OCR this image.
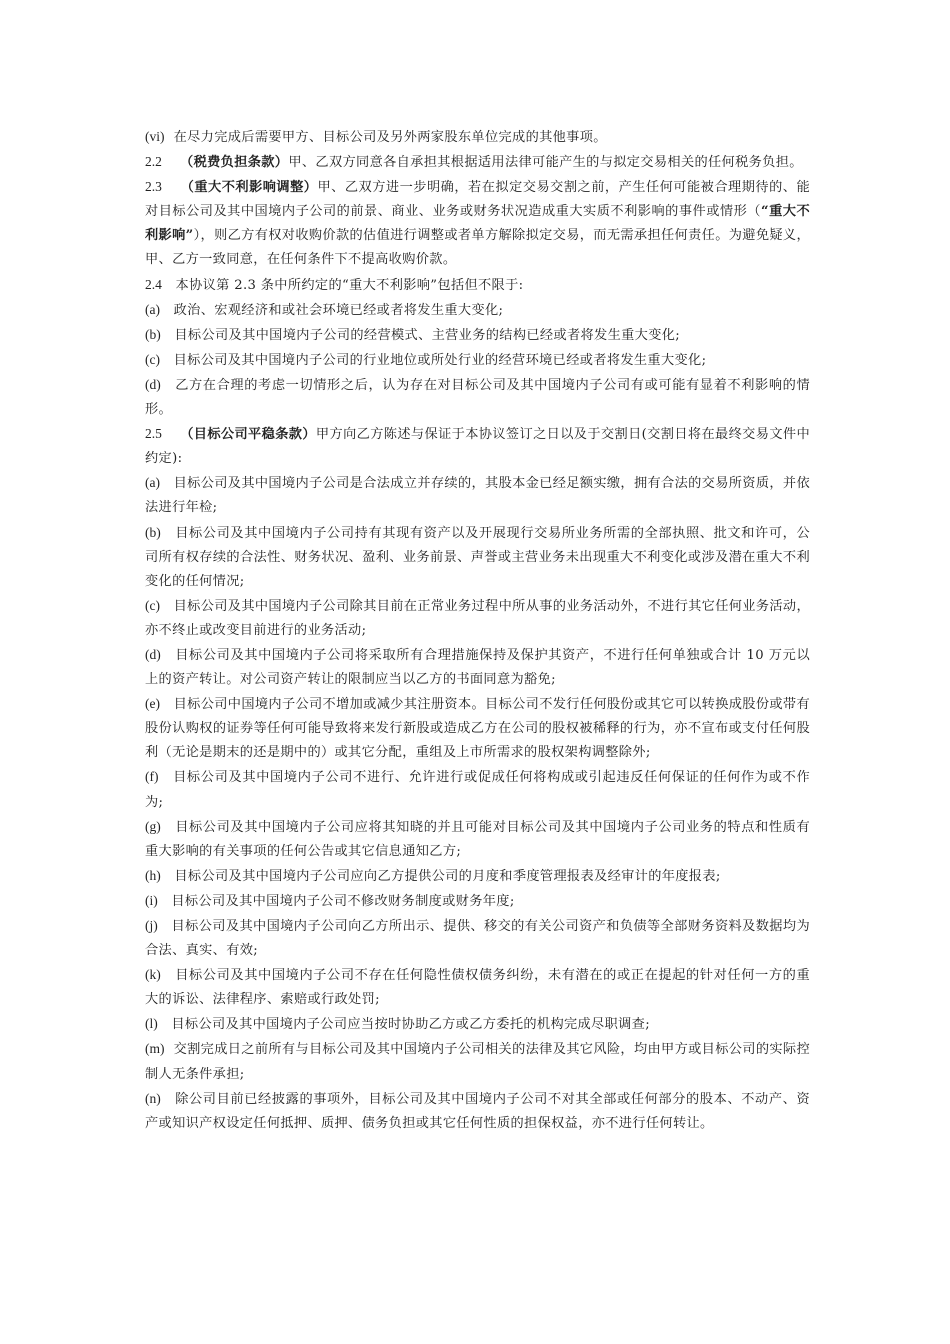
(vi) 在尽力完成后需要甲方、目标公司及另外两家股东单位完成的其他事项。

2.2 （税费负担条款）甲、乙双方同意各自承担其根据适用法律可能产生的与拟定交易相关的任何税务负担。

2.3 （重大不利影响调整）甲、乙双方进一步明确，若在拟定交易交割之前，产生任何可能被合理期待的、能对目标公司及其中国境内子公司的前景、商业、业务或财务状况造成重大实质不利影响的事件或情形（“重大不利影响”），则乙方有权对收购价款的估值进行调整或者单方解除拟定交易，而无需承担任何责任。为避免疑义，甲、乙方一致同意，在任何条件下不提高收购价款。

2.4 本协议第 2.3 条中所约定的“重大不利影响”包括但不限于:

(a) 政治、宏观经济和或社会环境已经或者将发生重大变化;

(b) 目标公司及其中国境内子公司的经营模式、主营业务的结构已经或者将发生重大变化;

(c) 目标公司及其中国境内子公司的行业地位或所处行业的经营环境已经或者将发生重大变化;

(d) 乙方在合理的考虑一切情形之后，认为存在对目标公司及其中国境内子公司有或可能有显着不利影响的情形。

2.5 （目标公司平稳条款）甲方向乙方陈述与保证于本协议签订之日以及于交割日(交割日将在最终交易文件中约定):

(a) 目标公司及其中国境内子公司是合法成立并存续的，其股本金已经足额实缴，拥有合法的交易所资质，并依法进行年检;

(b) 目标公司及其中国境内子公司持有其现有资产以及开展现行交易所业务所需的全部执照、批文和许可，公司所有权存续的合法性、财务状况、盈利、业务前景、声誉或主营业务未出现重大不利变化或涉及潜在重大不利变化的任何情况;

(c) 目标公司及其中国境内子公司除其目前在正常业务过程中所从事的业务活动外，不进行其它任何业务活动，亦不终止或改变目前进行的业务活动;

(d) 目标公司及其中国境内子公司将采取所有合理措施保持及保护其资产，不进行任何单独或合计 10 万元以上的资产转让。对公司资产转让的限制应当以乙方的书面同意为豁免;

(e) 目标公司中国境内子公司不增加或减少其注册资本。目标公司不发行任何股份或其它可以转换成股份或带有股份认购权的证券等任何可能导致将来发行新股或造成乙方在公司的股权被稀释的行为，亦不宣布或支付任何股利（无论是期末的还是期中的）或其它分配，重组及上市所需求的股权架构调整除外;

(f) 目标公司及其中国境内子公司不进行、允许进行或促成任何将构成或引起违反任何保证的任何作为或不作为;

(g) 目标公司及其中国境内子公司应将其知晓的并且可能对目标公司及其中国境内子公司业务的特点和性质有重大影响的有关事项的任何公告或其它信息通知乙方;

(h) 目标公司及其中国境内子公司应向乙方提供公司的月度和季度管理报表及经审计的年度报表;

(i) 目标公司及其中国境内子公司不修改财务制度或财务年度;

(j) 目标公司及其中国境内子公司向乙方所出示、提供、移交的有关公司资产和负债等全部财务资料及数据均为合法、真实、有效;

(k) 目标公司及其中国境内子公司不存在任何隐性债权债务纠纷，未有潜在的或正在提起的针对任何一方的重大的诉讼、法律程序、索赔或行政处罚;

(l) 目标公司及其中国境内子公司应当按时协助乙方或乙方委托的机构完成尽职调查;

(m) 交割完成日之前所有与目标公司及其中国境内子公司相关的法律及其它风险，均由甲方或目标公司的实际控制人无条件承担;

(n) 除公司目前已经披露的事项外，目标公司及其中国境内子公司不对其全部或任何部分的股本、不动产、资产或知识产权设定任何抵押、质押、债务负担或其它任何性质的担保权益，亦不进行任何转让。
